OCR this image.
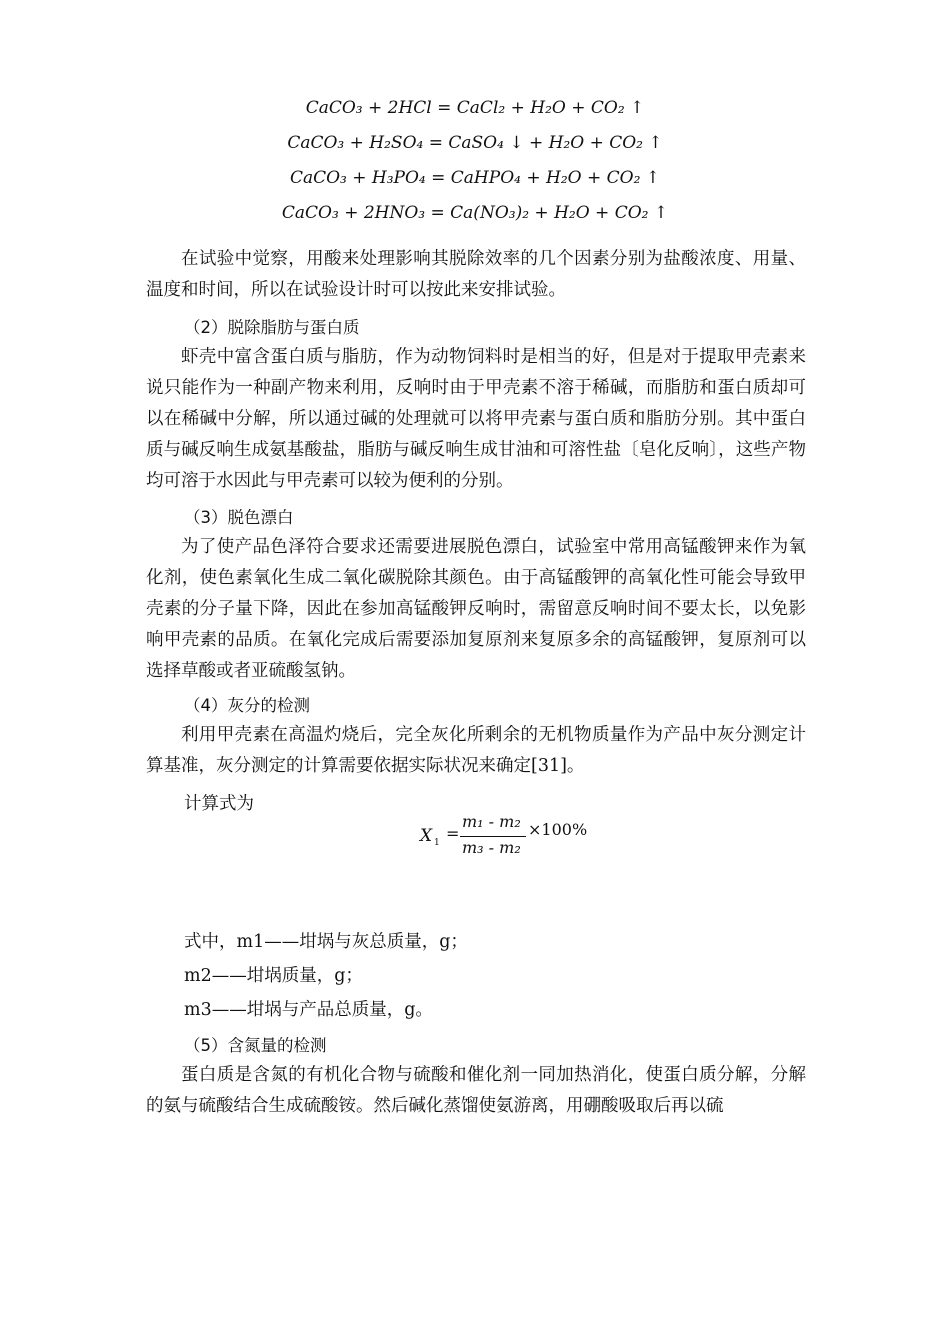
CaCO₃ + 2HCl = CaCl₂ + H₂O + CO₂ ↑
CaCO₃ + H₂SO₄ = CaSO₄ ↓ + H₂O + CO₂ ↑
CaCO₃ + H₃PO₄ = CaHPO₄ + H₂O + CO₂ ↑
CaCO₃ + 2HNO₃ = Ca(NO₃)₂ + H₂O + CO₂ ↑
在试验中觉察，用酸来处理影响其脱除效率的几个因素分别为盐酸浓度、用量、温度和时间，所以在试验设计时可以按此来安排试验。
（2）脱除脂肪与蛋白质
虾壳中富含蛋白质与脂肪，作为动物饲料时是相当的好，但是对于提取甲壳素来说只能作为一种副产物来利用，反响时由于甲壳素不溶于稀碱，而脂肪和蛋白质却可以在稀碱中分解，所以通过碱的处理就可以将甲壳素与蛋白质和脂肪分别。其中蛋白质与碱反响生成氨基酸盐，脂肪与碱反响生成甘油和可溶性盐〔皂化反响〕，这些产物均可溶于水因此与甲壳素可以较为便利的分别。
（3）脱色漂白
为了使产品色泽符合要求还需要进展脱色漂白，试验室中常用高锰酸钾来作为氧化剂，使色素氧化生成二氧化碳脱除其颜色。由于高锰酸钾的高氧化性可能会导致甲壳素的分子量下降，因此在参加高锰酸钾反响时，需留意反响时间不要太长，以免影响甲壳素的品质。在氧化完成后需要添加复原剂来复原多余的高锰酸钾，复原剂可以选择草酸或者亚硫酸氢钠。
（4）灰分的检测
利用甲壳素在高温灼烧后，完全灰化所剩余的无机物质量作为产品中灰分测定计算基准，灰分测定的计算需要依据实际状况来确定[31]。
计算式为
X 1 =
m₁ - m₂
m₃ - m₂
×100%
式中，m1——坩埚与灰总质量，g；
m2——坩埚质量，g；
m3——坩埚与产品总质量，g。
（5）含氮量的检测
蛋白质是含氮的有机化合物与硫酸和催化剂一同加热消化，使蛋白质分解，分解的氨与硫酸结合生成硫酸铵。然后碱化蒸馏使氨游离，用硼酸吸取后再以硫
